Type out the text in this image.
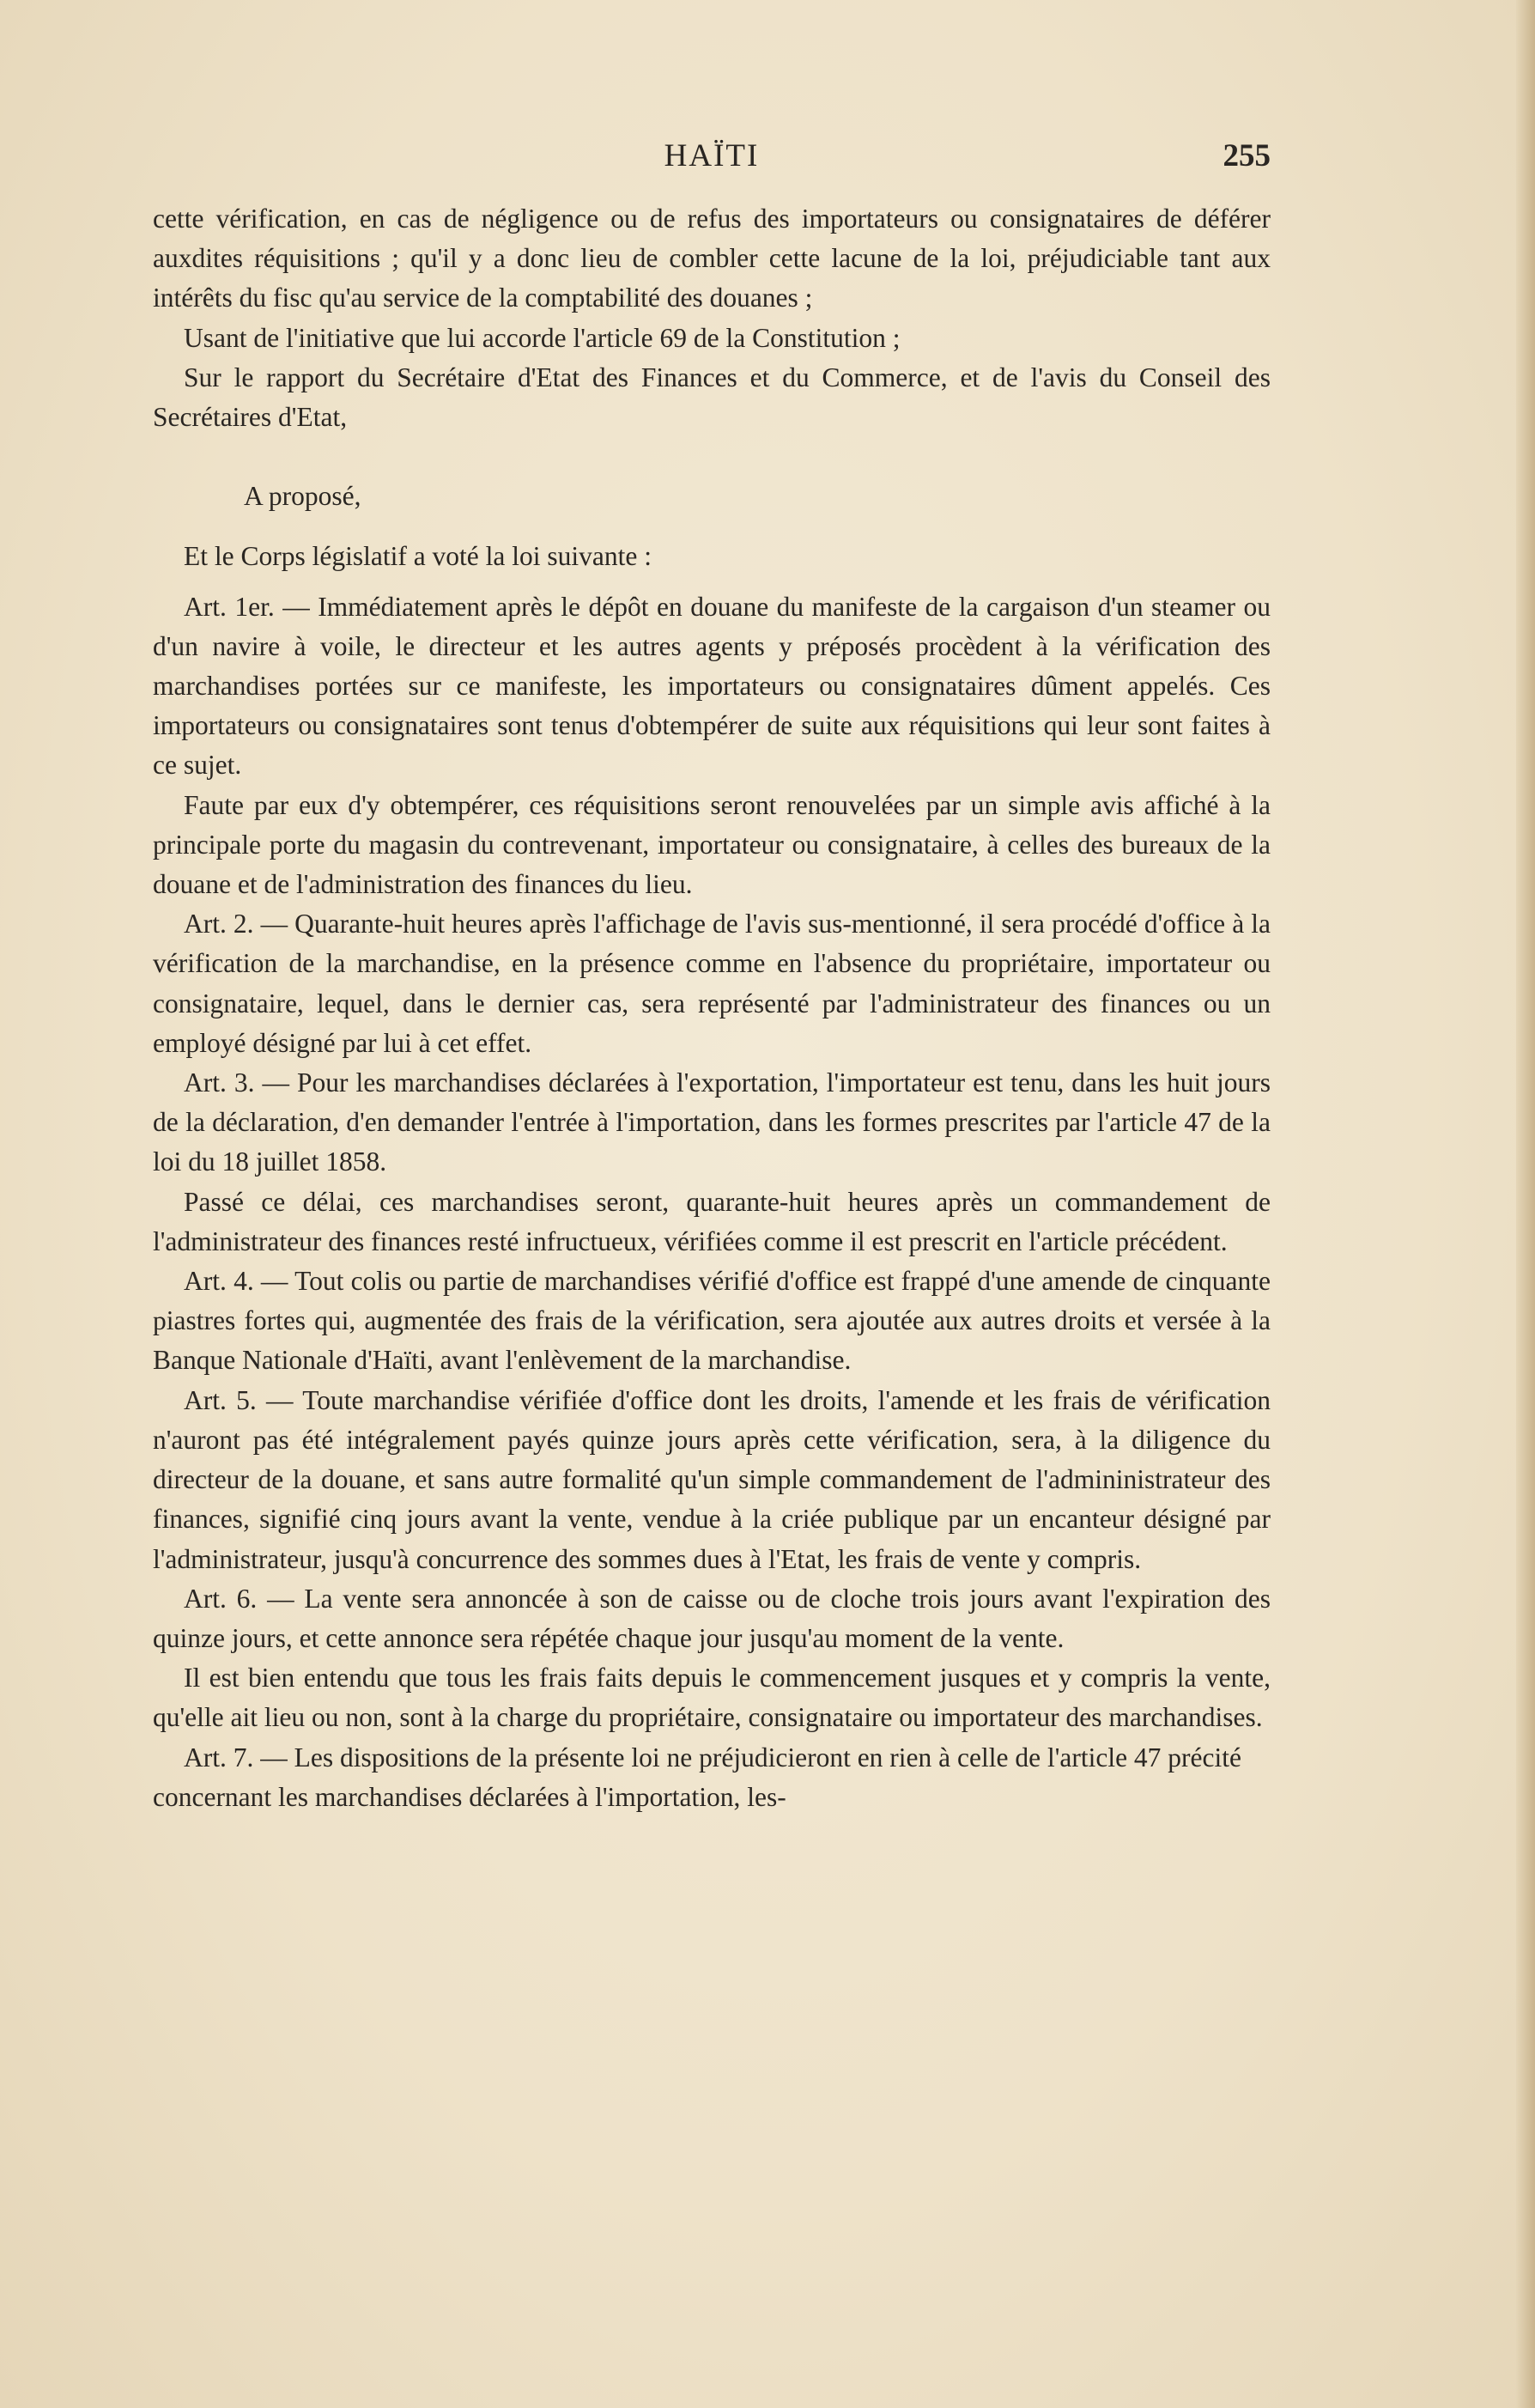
HAÏTI	255

cette vérification, en cas de négligence ou de refus des importateurs ou consignataires de déférer auxdites réquisitions ; qu'il y a donc lieu de combler cette lacune de la loi, préjudiciable tant aux intérêts du fisc qu'au service de la comptabilité des douanes ;

Usant de l'initiative que lui accorde l'article 69 de la Constitution ;

Sur le rapport du Secrétaire d'Etat des Finances et du Commerce, et de l'avis du Conseil des Secrétaires d'Etat,

A proposé,

Et le Corps législatif a voté la loi suivante :

Art. 1er. — Immédiatement après le dépôt en douane du manifeste de la cargaison d'un steamer ou d'un navire à voile, le directeur et les autres agents y préposés procèdent à la vérification des marchandises portées sur ce manifeste, les importateurs ou consignataires dûment appelés. Ces importateurs ou consignataires sont tenus d'obtempérer de suite aux réquisitions qui leur sont faites à ce sujet.

Faute par eux d'y obtempérer, ces réquisitions seront renouvelées par un simple avis affiché à la principale porte du magasin du contrevenant, importateur ou consignataire, à celles des bureaux de la douane et de l'administration des finances du lieu.

Art. 2. — Quarante-huit heures après l'affichage de l'avis sus-mentionné, il sera procédé d'office à la vérification de la marchandise, en la présence comme en l'absence du propriétaire, importateur ou consignataire, lequel, dans le dernier cas, sera représenté par l'administrateur des finances ou un employé désigné par lui à cet effet.

Art. 3. — Pour les marchandises déclarées à l'exportation, l'importateur est tenu, dans les huit jours de la déclaration, d'en demander l'entrée à l'importation, dans les formes prescrites par l'article 47 de la loi du 18 juillet 1858.

Passé ce délai, ces marchandises seront, quarante-huit heures après un commandement de l'administrateur des finances resté infructueux, vérifiées comme il est prescrit en l'article précédent.

Art. 4. — Tout colis ou partie de marchandises vérifié d'office est frappé d'une amende de cinquante piastres fortes qui, augmentée des frais de la vérification, sera ajoutée aux autres droits et versée à la Banque Nationale d'Haïti, avant l'enlèvement de la marchandise.

Art. 5. — Toute marchandise vérifiée d'office dont les droits, l'amende et les frais de vérification n'auront pas été intégralement payés quinze jours après cette vérification, sera, à la diligence du directeur de la douane, et sans autre formalité qu'un simple commandement de l'admininistrateur des finances, signifié cinq jours avant la vente, vendue à la criée publique par un encanteur désigné par l'administrateur, jusqu'à concurrence des sommes dues à l'Etat, les frais de vente y compris.

Art. 6. — La vente sera annoncée à son de caisse ou de cloche trois jours avant l'expiration des quinze jours, et cette annonce sera répétée chaque jour jusqu'au moment de la vente.

Il est bien entendu que tous les frais faits depuis le commencement jusques et y compris la vente, qu'elle ait lieu ou non, sont à la charge du propriétaire, consignataire ou importateur des marchandises.

Art. 7. — Les dispositions de la présente loi ne préjudicieront en rien à celle de l'article 47 précité concernant les marchandises déclarées à l'importation, les-
